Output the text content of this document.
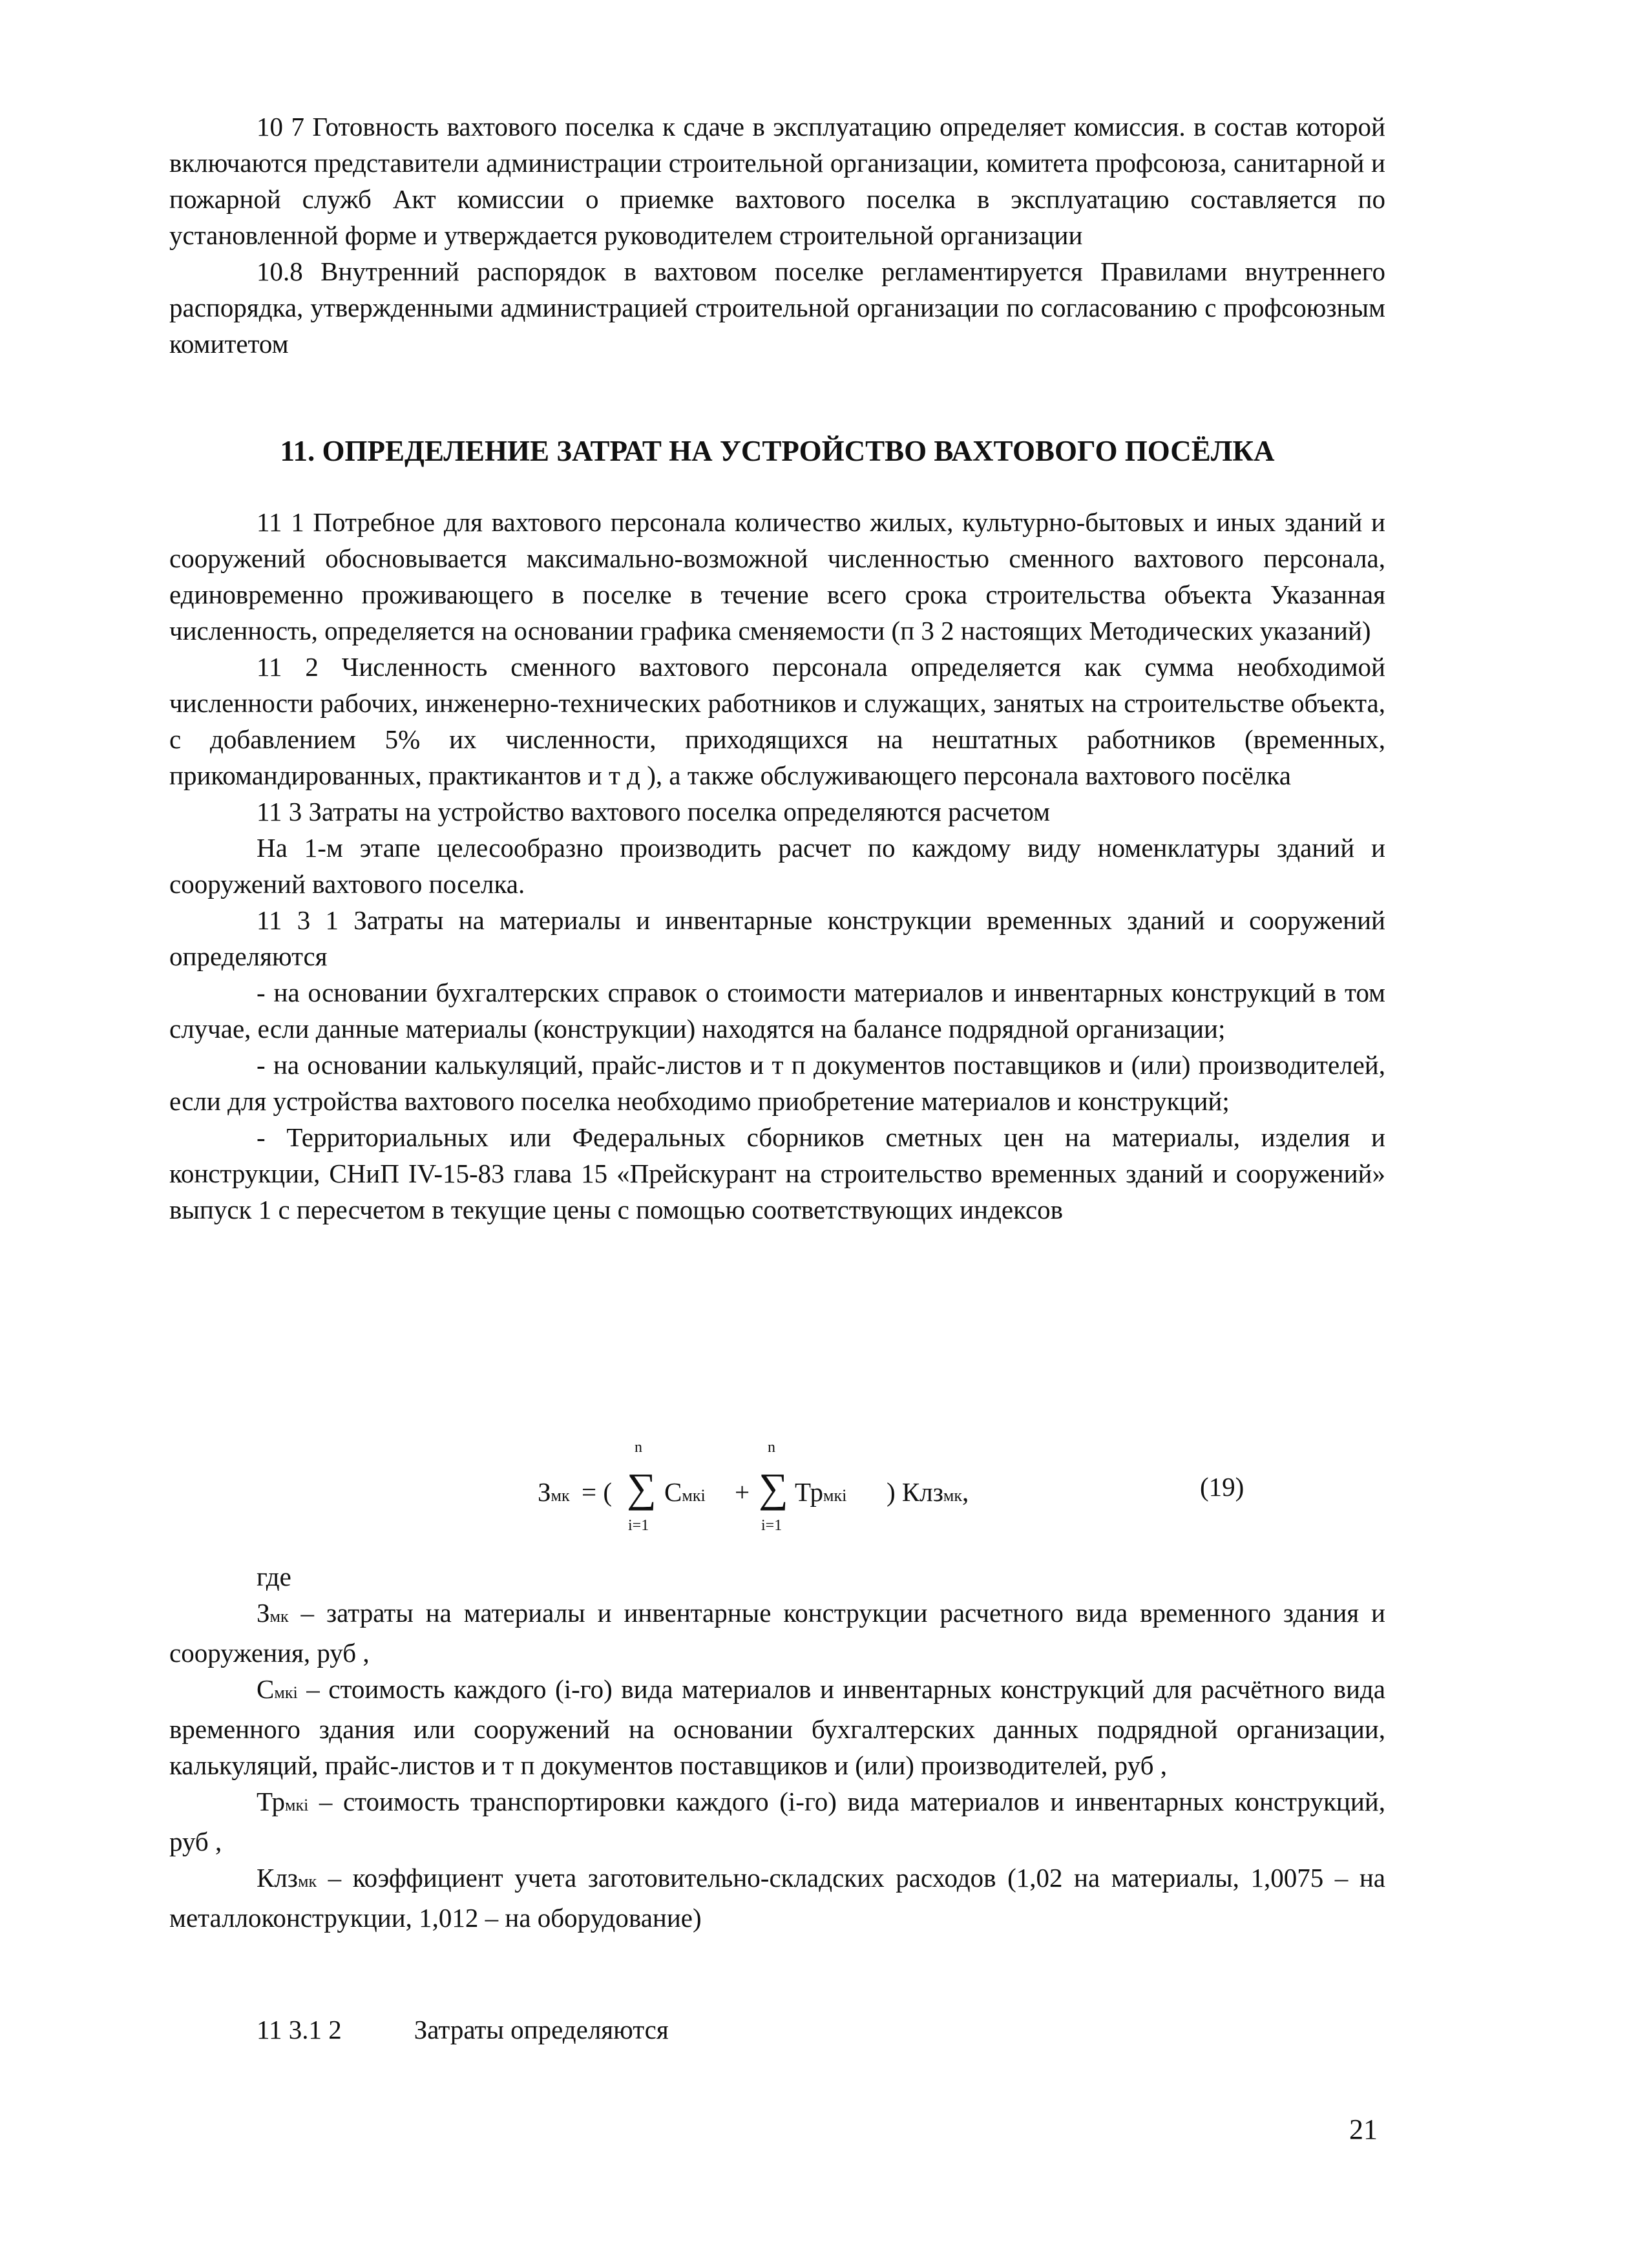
10 7 Готовность вахтового поселка к сдаче в эксплуатацию определяет комиссия. в состав которой включаются представители администрации строительной организации, комитета профсоюза, санитарной и пожарной служб Акт комиссии о приемке вахтового поселка в эксплуатацию составляется по установленной форме и утверждается руководителем строительной организации

10.8 Внутренний распорядок в вахтовом поселке регламентируется Правилами внутреннего распорядка, утвержденными администрацией строительной организации по согласованию с профсоюзным комитетом

11. ОПРЕДЕЛЕНИЕ ЗАТРАТ НА УСТРОЙСТВО ВАХТОВОГО ПОСЁЛКА

11 1 Потребное для вахтового персонала количество жилых, культурно-бытовых и иных зданий и сооружений обосновывается максимально-возможной численностью сменного вахтового персонала, единовременно проживающего в поселке в течение всего срока строительства объекта Указанная численность, определяется на основании графика сменяемости (п 3 2 настоящих Методических указаний)

11 2 Численность сменного вахтового персонала определяется как сумма необходимой численности рабочих, инженерно-технических работников и служащих, занятых на строительстве объекта, с добавлением 5% их численности, приходящихся на нештатных работников (временных, прикомандированных, практикантов и т д ), а также обслуживающего персонала вахтового посёлка

11 3 Затраты на устройство вахтового поселка определяются расчетом

На 1-м этапе целесообразно производить расчет по каждому виду номенклатуры зданий и сооружений вахтового поселка.

11 3 1 Затраты на материалы и инвентарные конструкции временных зданий и сооружений определяются

- на основании бухгалтерских справок о стоимости материалов и инвентарных конструкций в том случае, если данные материалы (конструкции) находятся на балансе подрядной организации;

- на основании калькуляций, прайс-листов и т п документов поставщиков и (или) производителей, если для устройства вахтового поселка необходимо приобретение материалов и конструкций;

- Территориальных или Федеральных сборников сметных цен на материалы, изделия и конструкции, СНиП IV-15-83 глава 15 «Прейскурант на строительство временных зданий и сооружений» выпуск 1 с пересчетом в текущие цены с помощью соответствующих индексов

Змк = (
n
∑
i=1
Смкi +
n
∑
i=1
Трмкi ) Клзмк,	(19)

где

Змк – затраты на материалы и инвентарные конструкции расчетного вида временного здания и сооружения, руб ,

Смкi – стоимость каждого (i-го) вида материалов и инвентарных конструкций для расчётного вида временного здания или сооружений на основании бухгалтерских данных подрядной организации, калькуляций, прайс-листов и т п документов поставщиков и (или) производителей, руб ,

Трмкi – стоимость транспортировки каждого (i-го) вида материалов и инвентарных конструкций, руб ,

Клзмк – коэффициент учета заготовительно-складских расходов (1,02 на материалы, 1,0075 – на металлоконструкции, 1,012 – на оборудование)

11 3.1 2	Затраты определяются
21
